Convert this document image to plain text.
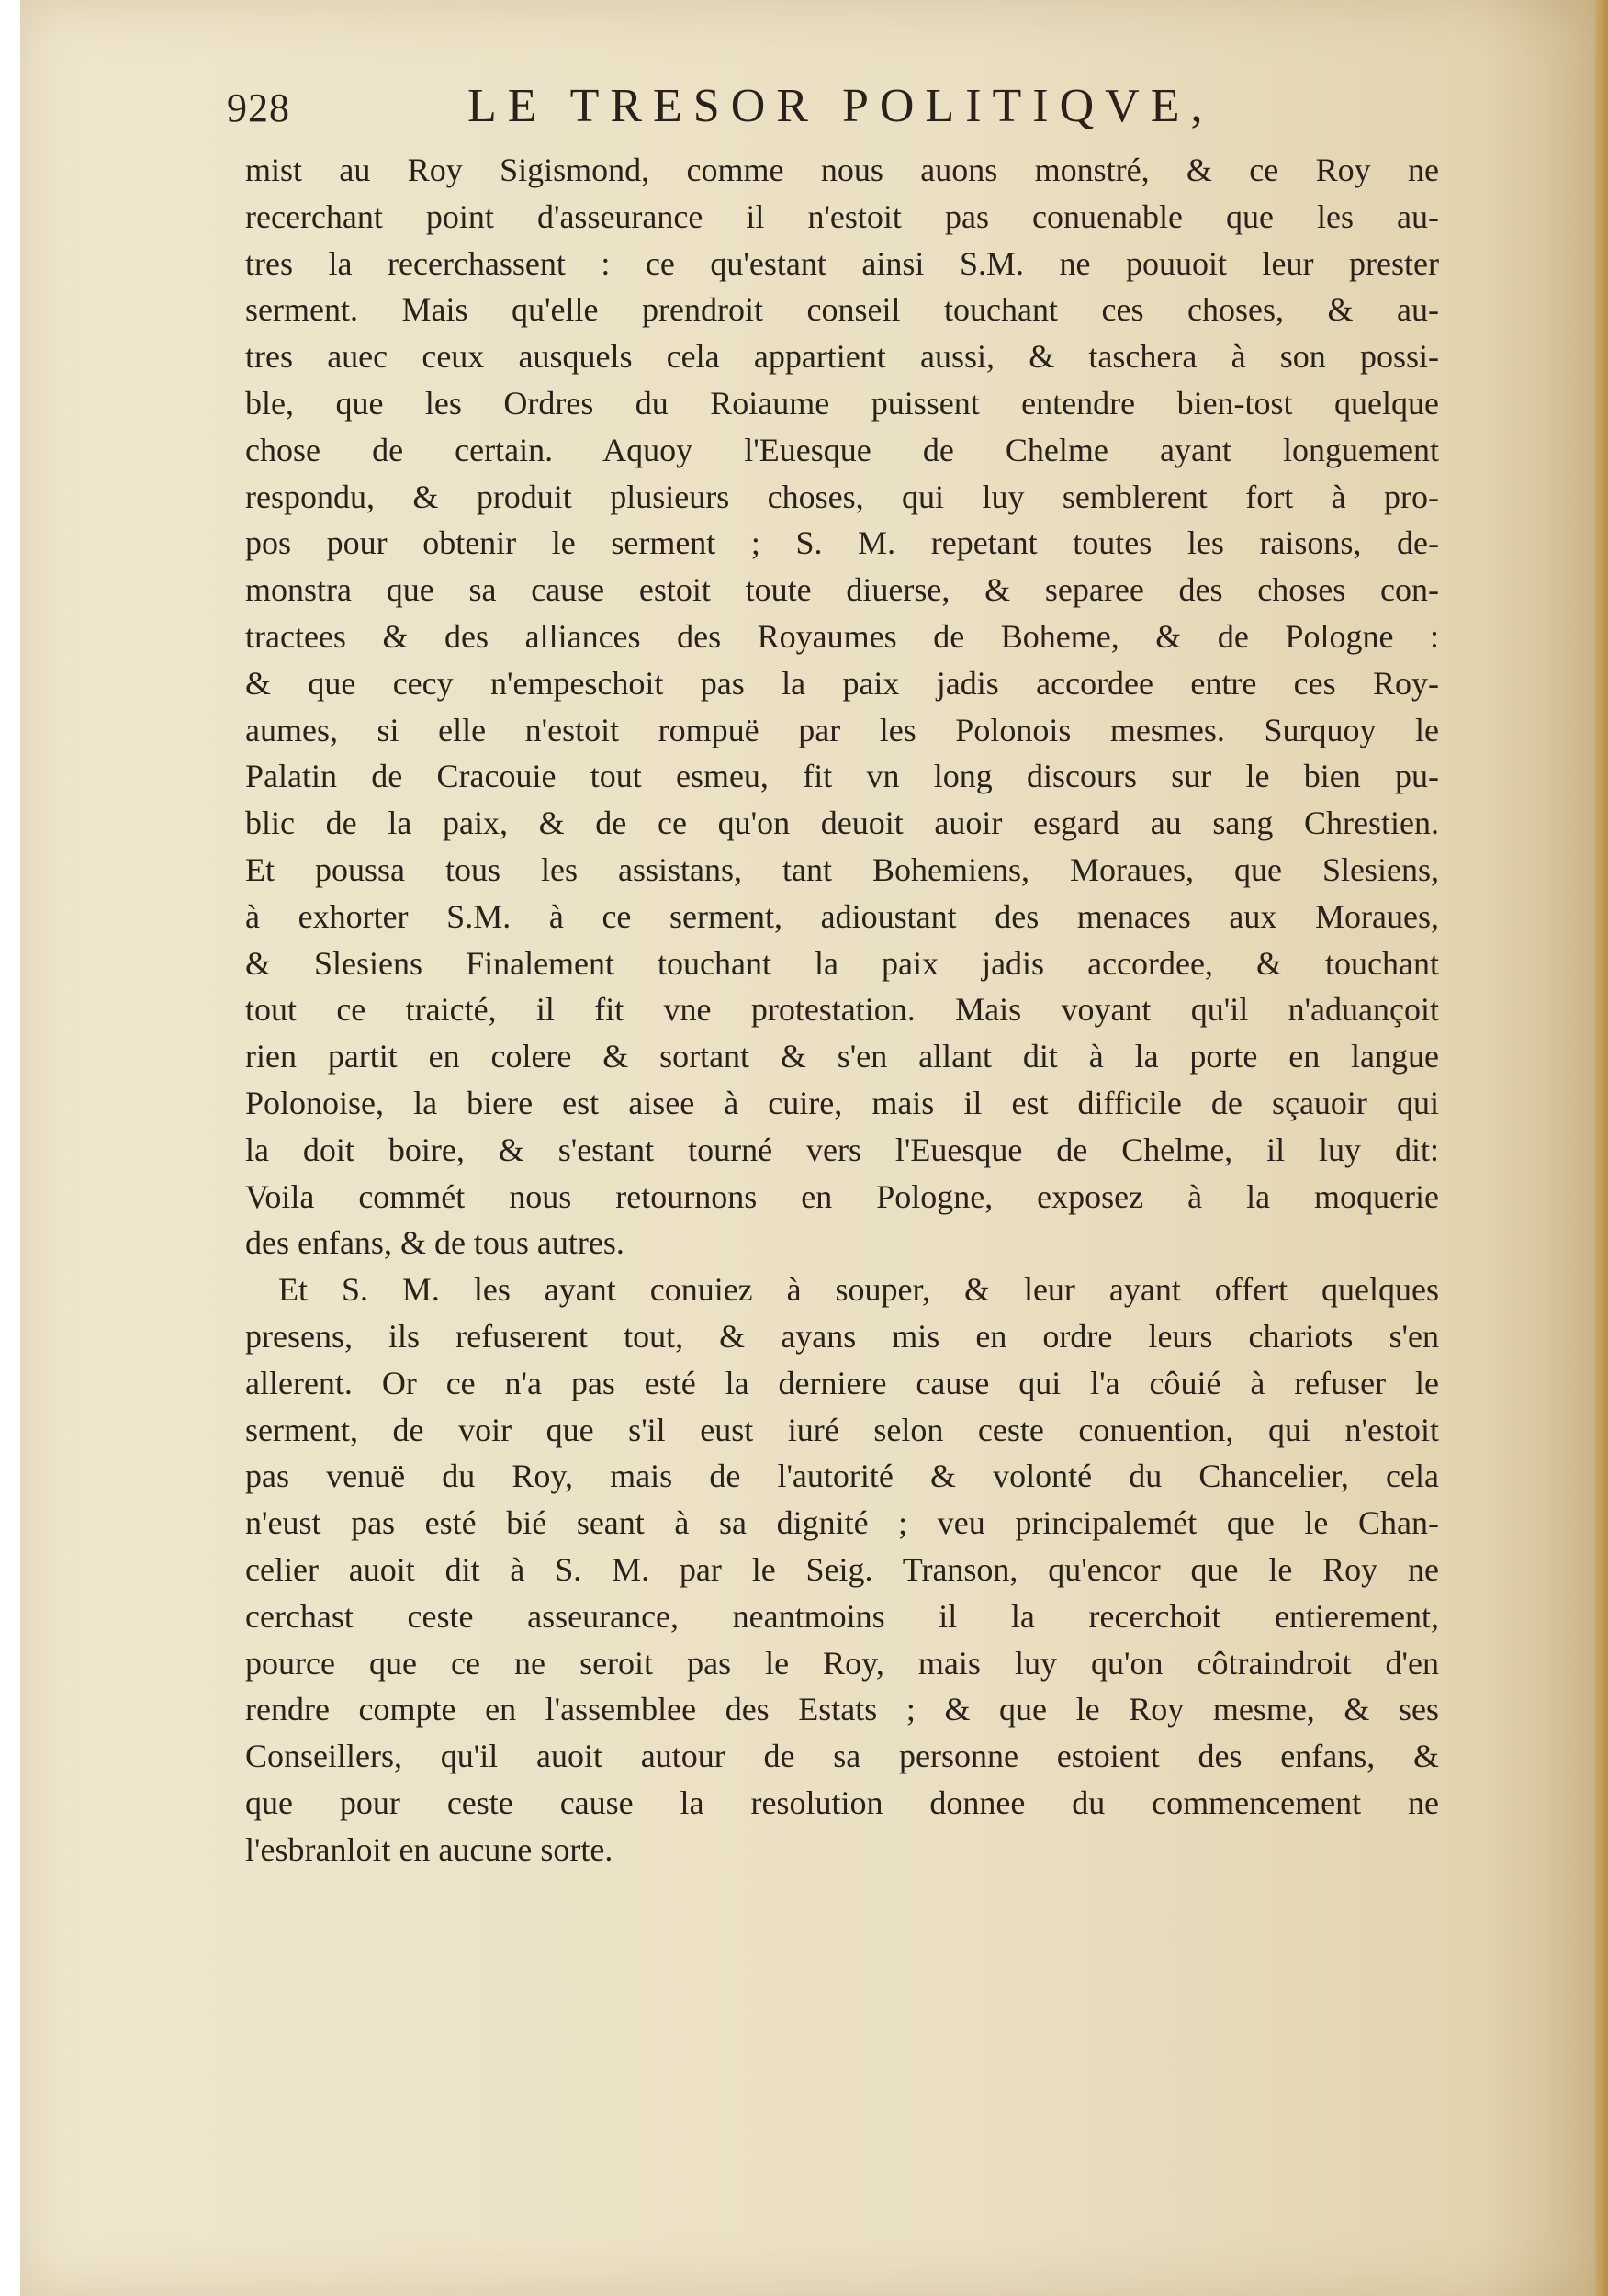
928	LE TRESOR POLITIQVE,
mist au Roy Sigismond, comme nous auons monstré, & ce Roy ne
recerchant point d'asseurance il n'estoit pas conuenable que les au-
tres la recerchassent : ce qu'estant ainsi S.M. ne pouuoit leur prester
serment. Mais qu'elle prendroit conseil touchant ces choses, & au-
tres auec ceux ausquels cela appartient aussi, & taschera à son possi-
ble, que les Ordres du Roiaume puissent entendre bien-tost quelque
chose de certain. Aquoy l'Euesque de Chelme ayant longuement
respondu, & produit plusieurs choses, qui luy semblerent fort à pro-
pos pour obtenir le serment ; S. M. repetant toutes les raisons, de-
monstra que sa cause estoit toute diuerse, & separee des choses con-
tractees & des alliances des Royaumes de Boheme, & de Pologne :
& que cecy n'empeschoit pas la paix jadis accordee entre ces Roy-
aumes, si elle n'estoit rompuë par les Polonois mesmes. Surquoy le
Palatin de Cracouie tout esmeu, fit vn long discours sur le bien pu-
blic de la paix, & de ce qu'on deuoit auoir esgard au sang Chrestien.
Et poussa tous les assistans, tant Bohemiens, Moraues, que Slesiens,
à exhorter S.M. à ce serment, adioustant des menaces aux Moraues,
& Slesiens Finalement touchant la paix jadis accordee, & touchant
tout ce traicté, il fit vne protestation. Mais voyant qu'il n'aduançoit
rien partit en colere & sortant & s'en allant dit à la porte en langue
Polonoise, la biere est aisee à cuire, mais il est difficile de sçauoir qui
la doit boire, & s'estant tourné vers l'Euesque de Chelme, il luy dit:
Voila commét nous retournons en Pologne, exposez à la moquerie
des enfans, & de tous autres.
Et S. M. les ayant conuiez à souper, & leur ayant offert quelques
presens, ils refuserent tout, & ayans mis en ordre leurs chariots s'en
allerent. Or ce n'a pas esté la derniere cause qui l'a côuié à refuser le
serment, de voir que s'il eust iuré selon ceste conuention, qui n'estoit
pas venuë du Roy, mais de l'autorité & volonté du Chancelier, cela
n'eust pas esté bié seant à sa dignité ; veu principalemét que le Chan-
celier auoit dit à S. M. par le Seig. Transon, qu'encor que le Roy ne
cerchast ceste asseurance, neantmoins il la recerchoit entierement,
pource que ce ne seroit pas le Roy, mais luy qu'on côtraindroit d'en
rendre compte en l'assemblee des Estats ; & que le Roy mesme, & ses
Conseillers, qu'il auoit autour de sa personne estoient des enfans, &
que pour ceste cause la resolution donnee du commencement ne
l'esbranloit en aucune sorte.
